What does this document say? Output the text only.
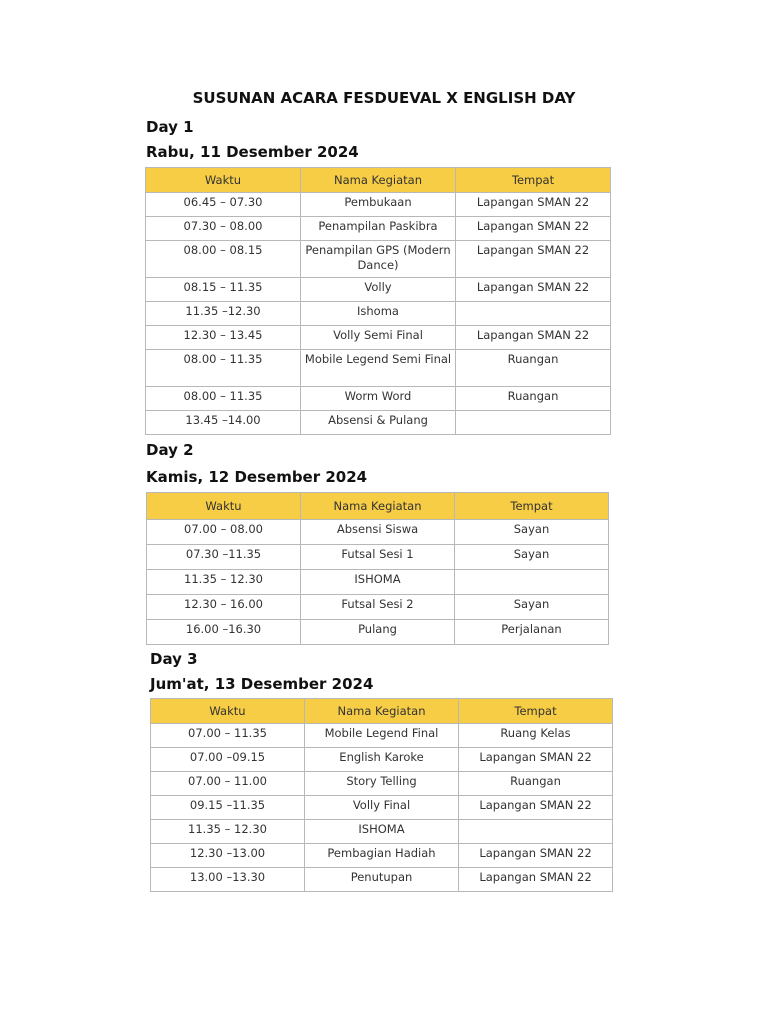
SUSUNAN ACARA FESDUEVAL X ENGLISH DAY
Day 1
Rabu, 11 Desember 2024
Waktu	Nama Kegiatan	Tempat
06.45 – 07.30	Pembukaan	Lapangan SMAN 22
07.30 – 08.00	Penampilan Paskibra	Lapangan SMAN 22
08.00 – 08.15	Penampilan GPS (Modern Dance)	Lapangan SMAN 22
08.15 – 11.35	Volly	Lapangan SMAN 22
11.35 –12.30	Ishoma	
12.30 – 13.45	Volly Semi Final	Lapangan SMAN 22
08.00 – 11.35	Mobile Legend Semi Final	Ruangan
08.00 – 11.35	Worm Word	Ruangan
13.45 –14.00	Absensi & Pulang	
Day 2
Kamis, 12 Desember 2024
Waktu	Nama Kegiatan	Tempat
07.00 – 08.00	Absensi Siswa	Sayan
07.30 –11.35	Futsal Sesi 1	Sayan
11.35 – 12.30	ISHOMA	
12.30 – 16.00	Futsal Sesi 2	Sayan
16.00 –16.30	Pulang	Perjalanan
Day 3
Jum'at, 13 Desember 2024
Waktu	Nama Kegiatan	Tempat
07.00 – 11.35	Mobile Legend Final	Ruang Kelas
07.00 –09.15	English Karoke	Lapangan SMAN 22
07.00 – 11.00	Story Telling	Ruangan
09.15 –11.35	Volly Final	Lapangan SMAN 22
11.35 – 12.30	ISHOMA	
12.30 –13.00	Pembagian Hadiah	Lapangan SMAN 22
13.00 –13.30	Penutupan	Lapangan SMAN 22
